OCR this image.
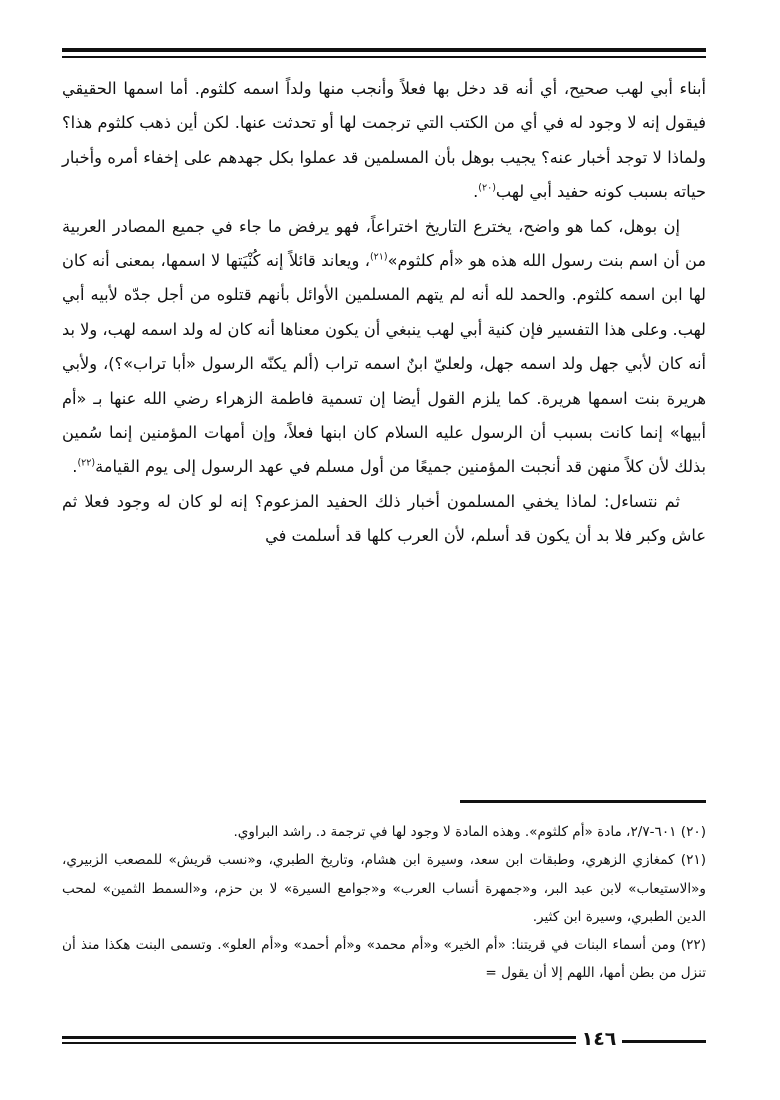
أبناء أبي لهب صحيح، أي أنه قد دخل بها فعلاً وأنجب منها ولداً اسمه كلثوم. أما اسمها الحقيقي فيقول إنه لا وجود له في أي من الكتب التي ترجمت لها أو تحدثت عنها. لكن أين ذهب كلثوم هذا؟ ولماذا لا توجد أخبار عنه؟ يجيب بوهل بأن المسلمين قد عملوا بكل جهدهم على إخفاء أمره وأخبار حياته بسبب كونه حفيد أبي لهب$^{(٢٠)}$.

إن بوهل، كما هو واضح، يخترع التاريخ اختراعاً، فهو يرفض ما جاء في جميع المصادر العربية من أن اسم بنت رسول الله هذه هو «أم كلثوم»$^{(٢١)}$، ويعاند قائلاً إنه كُنْيَتها لا اسمها، بمعنى أنه كان لها ابن اسمه كلثوم. والحمد لله أنه لم يتهم المسلمين الأوائل بأنهم قتلوه من أجل جدّه لأبيه أبي لهب. وعلى هذا التفسير فإن كنية أبي لهب ينبغي أن يكون معناها أنه كان له ولد اسمه لهب، ولا بد أنه كان لأبي جهل ولد اسمه جهل، ولعليّ ابنٌ اسمه تراب (ألم يكنّه الرسول «أبا تراب»؟)، ولأبي هريرة بنت اسمها هريرة. كما يلزم القول أيضا إن تسمية فاطمة الزهراء رضي الله عنها بـ «أم أبيها» إنما كانت بسبب أن الرسول عليه السلام كان ابنها فعلاً، وإن أمهات المؤمنين إنما سُمين بذلك لأن كلاً منهن قد أنجبت المؤمنين جميعًا من أول مسلم في عهد الرسول إلى يوم القيامة$^{(٢٢)}$.

ثم نتساءل: لماذا يخفي المسلمون أخبار ذلك الحفيد المزعوم؟ إنه لو كان له وجود فعلا ثم عاش وكبر فلا بد أن يكون قد أسلم، لأن العرب كلها قد أسلمت في

(٢٠) ٦٠١-٢/٧، مادة «أم كلثوم». وهذه المادة لا وجود لها في ترجمة د. راشد البراوي.

(٢١) كمغازي الزهري، وطبقات ابن سعد، وسيرة ابن هشام، وتاريخ الطبري، و«نسب قريش» للمصعب الزبيري، و«الاستيعاب» لابن عبد البر، و«جمهرة أنساب العرب» و«جوامع السيرة» لا بن حزم، و«السمط الثمين» لمحب الدين الطبري، وسيرة ابن كثير.

(٢٢) ومن أسماء البنات في قريتنا: «أم الخير» و«أم محمد» و«أم أحمد» و«أم العلو». وتسمى البنت هكذا منذ أن تنزل من بطن أمها، اللهم إلا أن يقول =

١٤٦
